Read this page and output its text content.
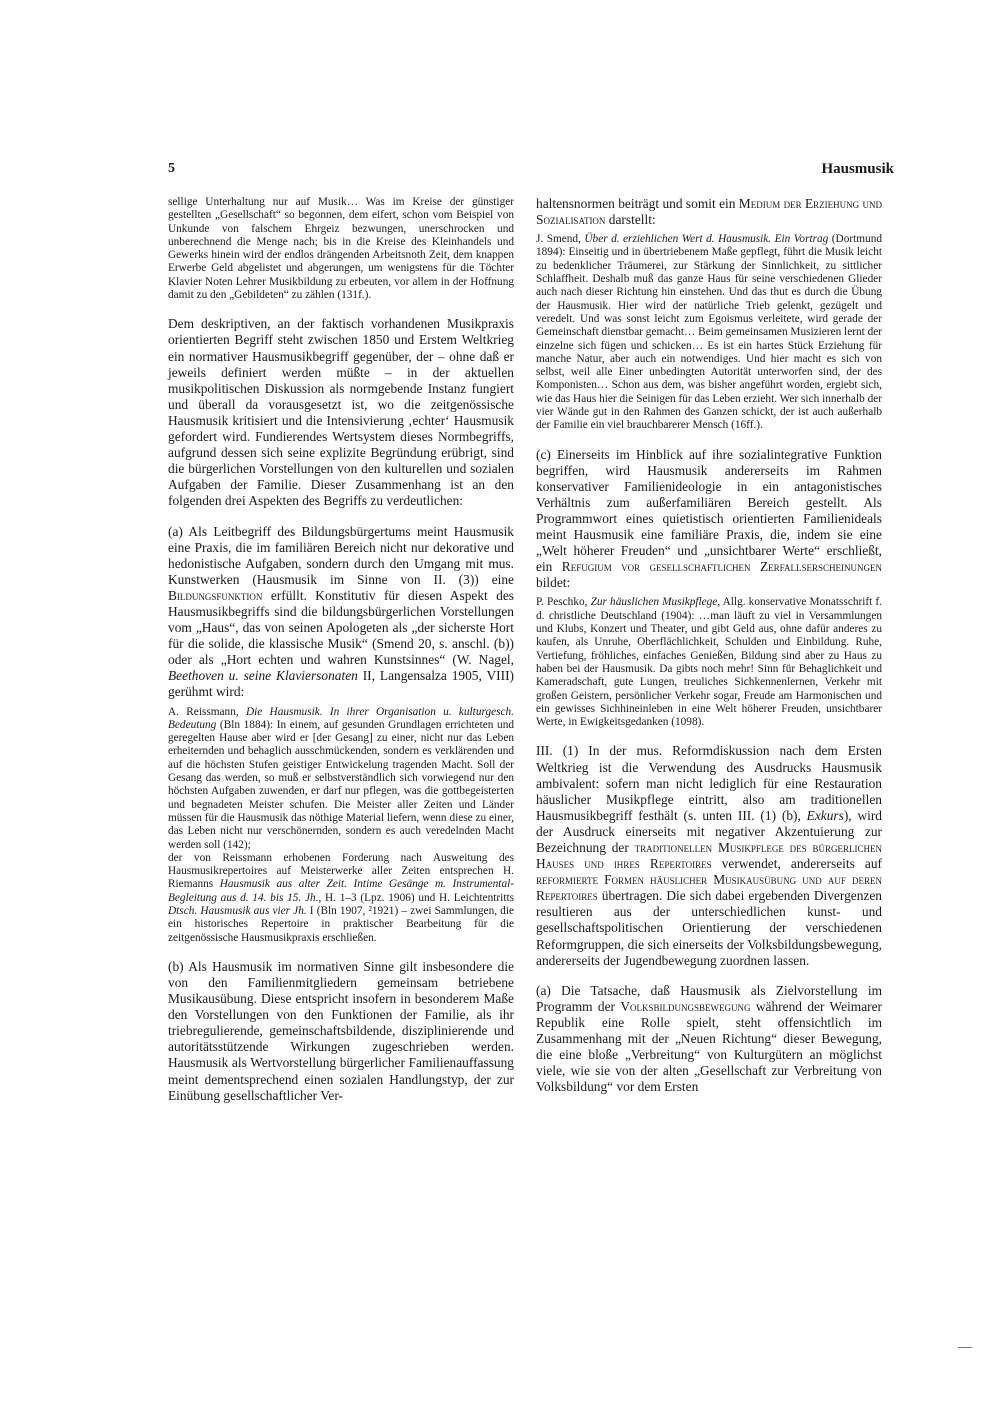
5	Hausmusik

sellige Unterhaltung nur auf Musik… Was im Kreise der günstiger gestellten „Gesellschaft“ so begonnen, dem eifert, schon vom Beispiel von Unkunde von falschem Ehrgeiz bezwungen, unerschrocken und unberechnend die Menge nach; bis in die Kreise des Kleinhandels und Gewerks hinein wird der endlos drängenden Arbeitsnoth Zeit, dem knappen Erwerbe Geld abgelistet und abgerungen, um wenigstens für die Töchter Klavier Noten Lehrer Musikbildung zu erbeuten, vor allem in der Hoffnung damit zu den „Gebildeten“ zu zählen (131f.).

Dem deskriptiven, an der faktisch vorhandenen Musikpraxis orientierten Begriff steht zwischen 1850 und Erstem Weltkrieg ein normativer Hausmusikbegriff gegenüber, der – ohne daß er jeweils definiert werden müßte – in der aktuellen musikpolitischen Diskussion als normgebende Instanz fungiert und überall da vorausgesetzt ist, wo die zeitgenössische Hausmusik kritisiert und die Intensivierung ‚echter‘ Hausmusik gefordert wird. Fundierendes Wertsystem dieses Normbegriffs, aufgrund dessen sich seine explizite Begründung erübrigt, sind die bürgerlichen Vorstellungen von den kulturellen und sozialen Aufgaben der Familie. Dieser Zusammenhang ist an den folgenden drei Aspekten des Begriffs zu verdeutlichen:

(a) Als Leitbegriff des Bildungsbürgertums meint Hausmusik eine Praxis, die im familiären Bereich nicht nur dekorative und hedonistische Aufgaben, sondern durch den Umgang mit mus. Kunstwerken (Hausmusik im Sinne von II. (3)) eine Bildungsfunktion erfüllt. Konstitutiv für diesen Aspekt des Hausmusikbegriffs sind die bildungsbürgerlichen Vorstellungen vom „Haus“, das von seinen Apologeten als „der sicherste Hort für die solide, die klassische Musik“ (Smend 20, s. anschl. (b)) oder als „Hort echten und wahren Kunstsinnes“ (W. Nagel, Beethoven u. seine Klaviersonaten II, Langensalza 1905, VIII) gerühmt wird:

A. Reissmann, Die Hausmusik. In ihrer Organisation u. kulturgesch. Bedeutung (Bln 1884): In einem, auf gesunden Grundlagen errichteten und geregelten Hause aber wird er [der Gesang] zu einer, nicht nur das Leben erheiternden und behaglich ausschmückenden, sondern es verklärenden und auf die höchsten Stufen geistiger Entwickelung tragenden Macht. Soll der Gesang das werden, so muß er selbstverständlich sich vorwiegend nur den höchsten Aufgaben zuwenden, er darf nur pflegen, was die gottbegeisterten und begnadeten Meister schufen. Die Meister aller Zeiten und Länder müssen für die Hausmusik das nöthige Material liefern, wenn diese zu einer, das Leben nicht nur verschönernden, sondern es auch veredelnden Macht werden soll (142);

der von Reissmann erhobenen Forderung nach Ausweitung des Hausmusikrepertoires auf Meisterwerke aller Zeiten entsprechen H. Riemanns Hausmusik aus alter Zeit. Intime Gesänge m. Instrumental-Begleitung aus d. 14. bis 15. Jh., H. 1–3 (Lpz. 1906) und H. Leichtentritts Dtsch. Hausmusik aus vier Jh. I (Bln 1907, ²1921) – zwei Sammlungen, die ein historisches Repertoire in praktischer Bearbeitung für die zeitgenössische Hausmusikpraxis erschließen.

(b) Als Hausmusik im normativen Sinne gilt insbesondere die von den Familienmitgliedern gemeinsam betriebene Musikausübung. Diese entspricht insofern in besonderem Maße den Vorstellungen von den Funktionen der Familie, als ihr triebregulierende, gemeinschaftsbildende, disziplinierende und autoritätsstützende Wirkungen zugeschrieben werden. Hausmusik als Wertvorstellung bürgerlicher Familienauffassung meint dementsprechend einen sozialen Handlungstyp, der zur Einübung gesellschaftlicher Ver-

haltensnormen beiträgt und somit ein Medium der Erziehung und Sozialisation darstellt:

J. Smend, Über d. erziehlichen Wert d. Hausmusik. Ein Vortrag (Dortmund 1894): Einseitig und in übertriebenem Maße gepflegt, führt die Musik leicht zu bedenklicher Träumerei, zur Stärkung der Sinnlichkeit, zu sittlicher Schlaffheit. Deshalb muß das ganze Haus für seine verschiedenen Glieder auch nach dieser Richtung hin einstehen. Und das thut es durch die Übung der Hausmusik. Hier wird der natürliche Trieb gelenkt, gezügelt und veredelt. Und was sonst leicht zum Egoismus verleitete, wird gerade der Gemeinschaft dienstbar gemacht… Beim gemeinsamen Musizieren lernt der einzelne sich fügen und schicken… Es ist ein hartes Stück Erziehung für manche Natur, aber auch ein notwendiges. Und hier macht es sich von selbst, weil alle Einer unbedingten Autorität unterworfen sind, der des Komponisten… Schon aus dem, was bisher angeführt worden, ergiebt sich, wie das Haus hier die Seinigen für das Leben erzieht. Wer sich innerhalb der vier Wände gut in den Rahmen des Ganzen schickt, der ist auch außerhalb der Familie ein viel brauchbarerer Mensch (16ff.).

(c) Einerseits im Hinblick auf ihre sozialintegrative Funktion begriffen, wird Hausmusik andererseits im Rahmen konservativer Familienideologie in ein antagonistisches Verhältnis zum außerfamiliären Bereich gestellt. Als Programmwort eines quietistisch orientierten Familienideals meint Hausmusik eine familiäre Praxis, die, indem sie eine „Welt höherer Freuden“ und „unsichtbarer Werte“ erschließt, ein Refugium vor gesellschaftlichen Zerfallserscheinungen bildet:

P. Peschko, Zur häuslichen Musikpflege, Allg. konservative Monatsschrift f. d. christliche Deutschland (1904): …man läuft zu viel in Versammlungen und Klubs, Konzert und Theater, und gibt Geld aus, ohne dafür anderes zu kaufen, als Unruhe, Oberflächlichkeit, Schulden und Einbildung. Ruhe, Vertiefung, fröhliches, einfaches Genießen, Bildung sind aber zu Haus zu haben bei der Hausmusik. Da gibts noch mehr! Sinn für Behaglichkeit und Kameradschaft, gute Lungen, treuliches Sichkennenlernen, Verkehr mit großen Geistern, persönlicher Verkehr sogar, Freude am Harmonischen und ein gewisses Sichhineinleben in eine Welt höherer Freuden, unsichtbarer Werte, in Ewigkeitsgedanken (1098).

III. (1) In der mus. Reformdiskussion nach dem Ersten Weltkrieg ist die Verwendung des Ausdrucks Hausmusik ambivalent: sofern man nicht lediglich für eine Restauration häuslicher Musikpflege eintritt, also am traditionellen Hausmusikbegriff festhält (s. unten III. (1) (b), Exkurs), wird der Ausdruck einerseits mit negativer Akzentuierung zur Bezeichnung der traditionellen Musikpflege des bürgerlichen Hauses und ihres Repertoires verwendet, andererseits auf reformierte Formen häuslicher Musikausübung und auf deren Repertoires übertragen. Die sich dabei ergebenden Divergenzen resultieren aus der unterschiedlichen kunst- und gesellschaftspolitischen Orientierung der verschiedenen Reformgruppen, die sich einerseits der Volksbildungsbewegung, andererseits der Jugendbewegung zuordnen lassen.

(a) Die Tatsache, daß Hausmusik als Zielvorstellung im Programm der Volksbildungsbewegung während der Weimarer Republik eine Rolle spielt, steht offensichtlich im Zusammenhang mit der „Neuen Richtung“ dieser Bewegung, die eine bloße „Verbreitung“ von Kulturgütern an möglichst viele, wie sie von der alten „Gesellschaft zur Verbreitung von Volksbildung“ vor dem Ersten
